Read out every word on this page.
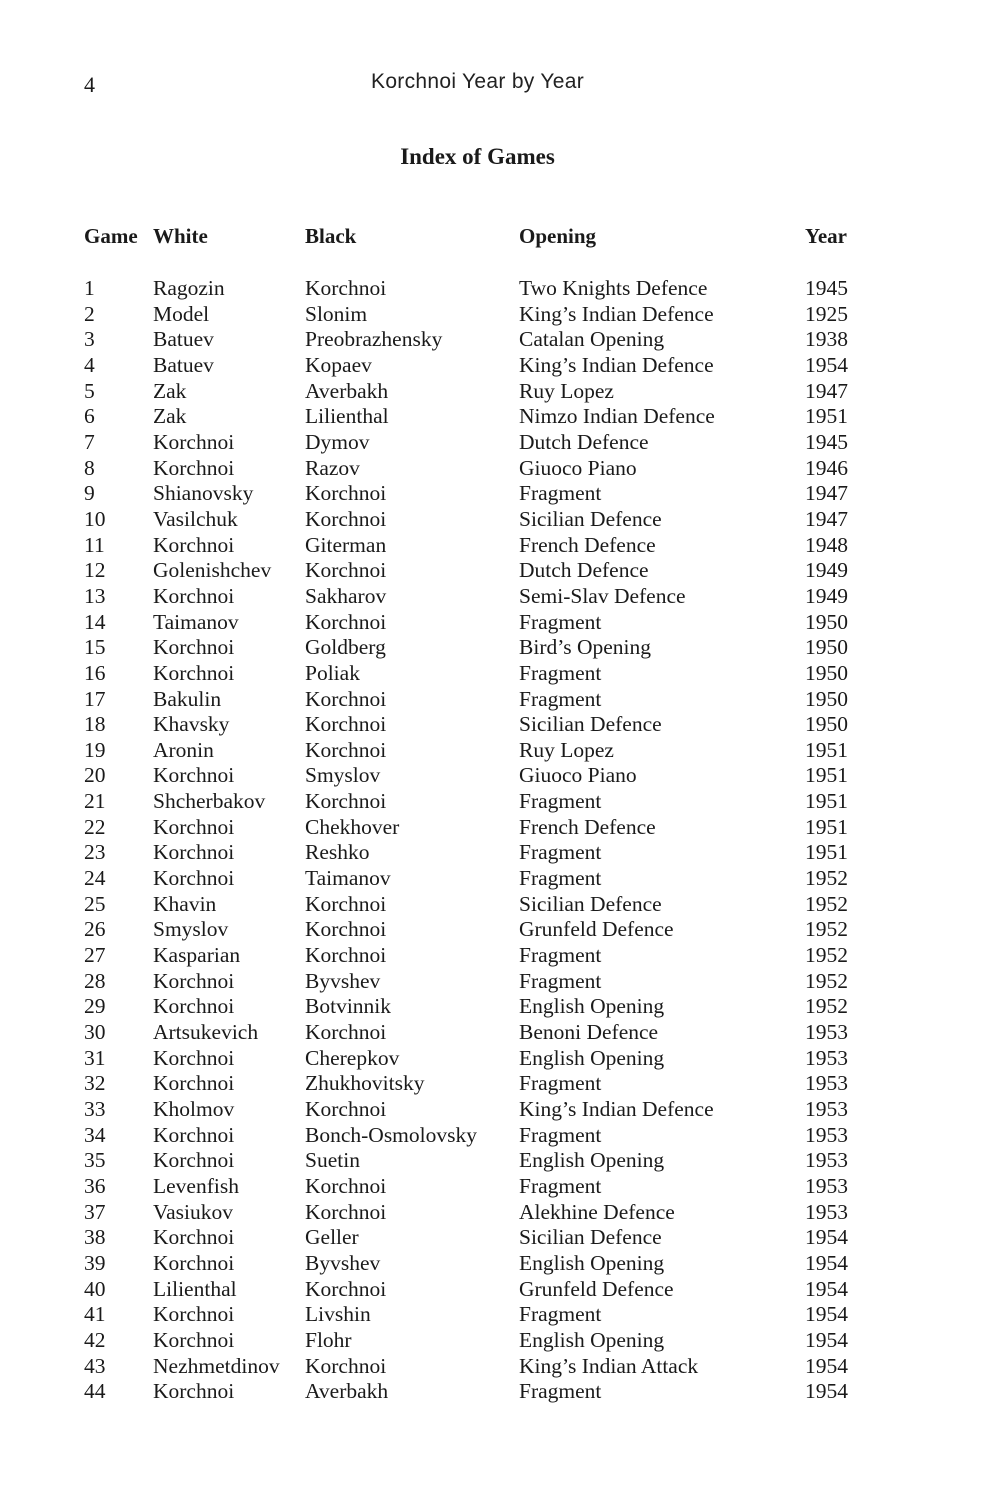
4	Korchnoi Year by Year
Index of Games
Game	White	Black	Opening	Year

1	Ragozin	Korchnoi	Two Knights Defence	1945
2	Model	Slonim	King’s Indian Defence	1925
3	Batuev	Preobrazhensky	Catalan Opening	1938
4	Batuev	Kopaev	King’s Indian Defence	1954
5	Zak	Averbakh	Ruy Lopez	1947
6	Zak	Lilienthal	Nimzo Indian Defence	1951
7	Korchnoi	Dymov	Dutch Defence	1945
8	Korchnoi	Razov	Giuoco Piano	1946
9	Shianovsky	Korchnoi	Fragment	1947
10	Vasilchuk	Korchnoi	Sicilian Defence	1947
11	Korchnoi	Giterman	French Defence	1948
12	Golenishchev	Korchnoi	Dutch Defence	1949
13	Korchnoi	Sakharov	Semi-Slav Defence	1949
14	Taimanov	Korchnoi	Fragment	1950
15	Korchnoi	Goldberg	Bird’s Opening	1950
16	Korchnoi	Poliak	Fragment	1950
17	Bakulin	Korchnoi	Fragment	1950
18	Khavsky	Korchnoi	Sicilian Defence	1950
19	Aronin	Korchnoi	Ruy Lopez	1951
20	Korchnoi	Smyslov	Giuoco Piano	1951
21	Shcherbakov	Korchnoi	Fragment	1951
22	Korchnoi	Chekhover	French Defence	1951
23	Korchnoi	Reshko	Fragment	1951
24	Korchnoi	Taimanov	Fragment	1952
25	Khavin	Korchnoi	Sicilian Defence	1952
26	Smyslov	Korchnoi	Grunfeld Defence	1952
27	Kasparian	Korchnoi	Fragment	1952
28	Korchnoi	Byvshev	Fragment	1952
29	Korchnoi	Botvinnik	English Opening	1952
30	Artsukevich	Korchnoi	Benoni Defence	1953
31	Korchnoi	Cherepkov	English Opening	1953
32	Korchnoi	Zhukhovitsky	Fragment	1953
33	Kholmov	Korchnoi	King’s Indian Defence	1953
34	Korchnoi	Bonch-Osmolovsky	Fragment	1953
35	Korchnoi	Suetin	English Opening	1953
36	Levenfish	Korchnoi	Fragment	1953
37	Vasiukov	Korchnoi	Alekhine Defence	1953
38	Korchnoi	Geller	Sicilian Defence	1954
39	Korchnoi	Byvshev	English Opening	1954
40	Lilienthal	Korchnoi	Grunfeld Defence	1954
41	Korchnoi	Livshin	Fragment	1954
42	Korchnoi	Flohr	English Opening	1954
43	Nezhmetdinov	Korchnoi	King’s Indian Attack	1954
44	Korchnoi	Averbakh	Fragment	1954
